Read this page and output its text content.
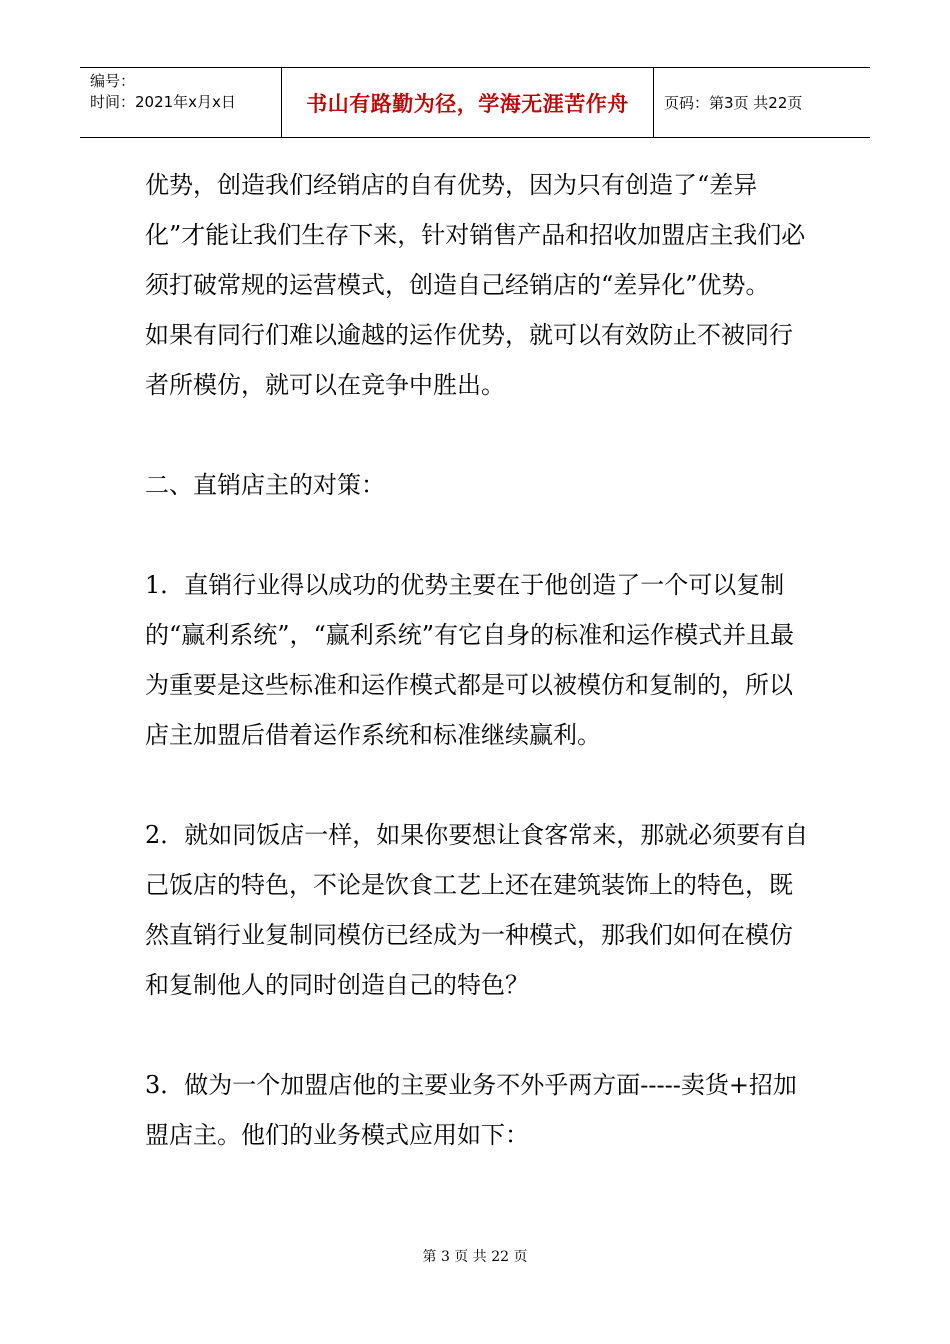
编号：
时间：2021年x月x日	书山有路勤为径，学海无涯苦作舟 页码：第3页 共22页

优势，创造我们经销店的自有优势，因为只有创造了“差异化”才能让我们生存下来，针对销售产品和招收加盟店主我们必须打破常规的运营模式，创造自己经销店的“差异化”优势。

如果有同行们难以逾越的运作优势，就可以有效防止不被同行者所模仿，就可以在竞争中胜出。

二、直销店主的对策：

1．直销行业得以成功的优势主要在于他创造了一个可以复制的“赢利系统”，“赢利系统”有它自身的标准和运作模式并且最为重要是这些标准和运作模式都是可以被模仿和复制的，所以店主加盟后借着运作系统和标准继续赢利。

2．就如同饭店一样，如果你要想让食客常来，那就必须要有自己饭店的特色，不论是饮食工艺上还在建筑装饰上的特色，既然直销行业复制同模仿已经成为一种模式，那我们如何在模仿和复制他人的同时创造自己的特色？

3．做为一个加盟店他的主要业务不外乎两方面-----卖货+招加盟店主。他们的业务模式应用如下：

第 3 页 共 22 页
